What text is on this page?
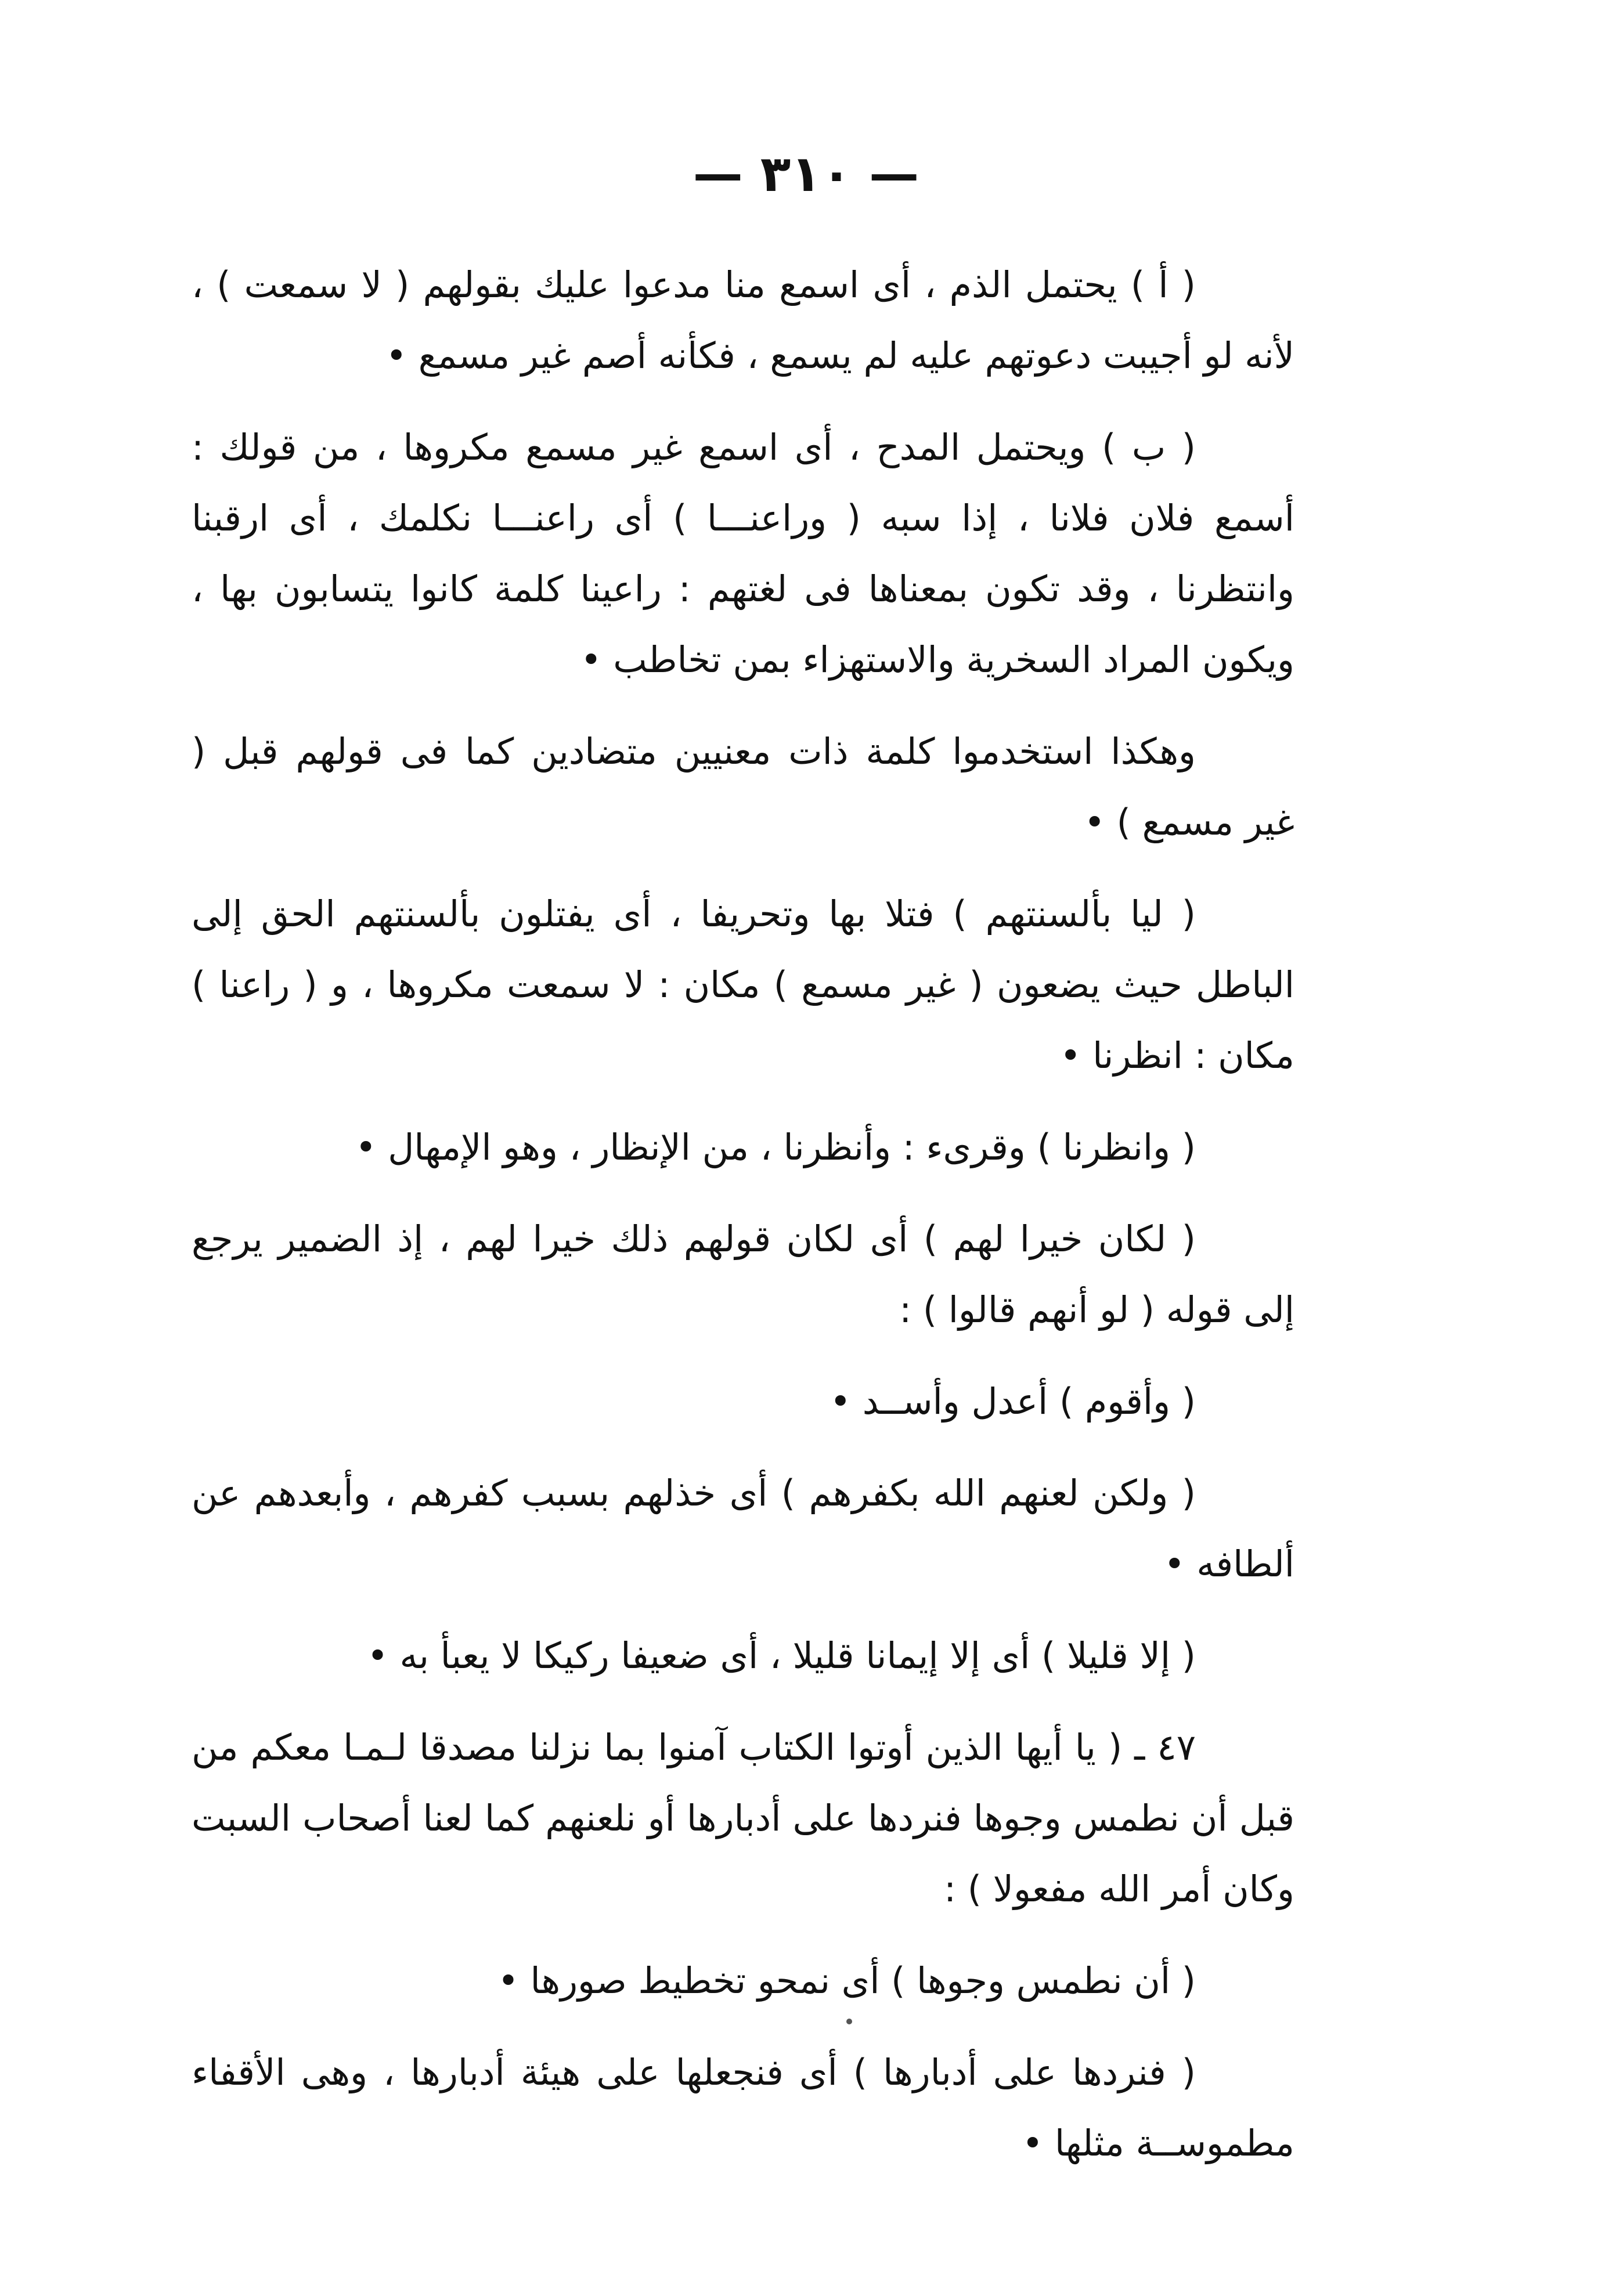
— ٣١٠ —

( أ ) يحتمل الذم ، أى اسمع منا مدعوا عليك بقولهم ( لا سمعت ) ، لأنه لو أجيبت دعوتهم عليه لم يسمع ، فكأنه أصم غير مسمع •

( ب ) ويحتمل المدح ، أى اسمع غير مسمع مكروها ، من قولك : أسمع فلان فلانا ، إذا سبه ( وراعنـــا ) أى راعنـــا نكلمك ، أى ارقبنا وانتظرنا ، وقد تكون بمعناها فى لغتهم : راعينا كلمة كانوا يتسابون بها ، ويكون المراد السخرية والاستهزاء بمن تخاطب •

وهكذا استخدموا كلمة ذات معنيين متضادين كما فى قولهم قبل ( غير مسمع ) •

( ليا بألسنتهم ) فتلا بها وتحريفا ، أى يفتلون بألسنتهم الحق إلى الباطل حيث يضعون ( غير مسمع ) مكان : لا سمعت مكروها ، و ( راعنا ) مكان : انظرنا •

( وانظرنا ) وقرىء : وأنظرنا ، من الإنظار ، وهو الإمهال •

( لكان خيرا لهم ) أى لكان قولهم ذلك خيرا لهم ، إذ الضمير يرجع إلى قوله ( لو أنهم قالوا ) :

( وأقوم ) أعدل وأســد •

( ولكن لعنهم الله بكفرهم ) أى خذلهم بسبب كفرهم ، وأبعدهم عن ألطافه •

( إلا قليلا ) أى إلا إيمانا قليلا ، أى ضعيفا ركيكا لا يعبأ به •

٤٧ ـ ( يا أيها الذين أوتوا الكتاب آمنوا بما نزلنا مصدقا لـمـا معكم من قبل أن نطمس وجوها فنردها على أدبارها أو نلعنهم كما لعنا أصحاب السبت وكان أمر الله مفعولا ) :

( أن نطمس وجوها ) أى نمحو تخطيط صورها •

( فنردها على أدبارها ) أى فنجعلها على هيئة أدبارها ، وهى الأقفاء مطموســة مثلها •
